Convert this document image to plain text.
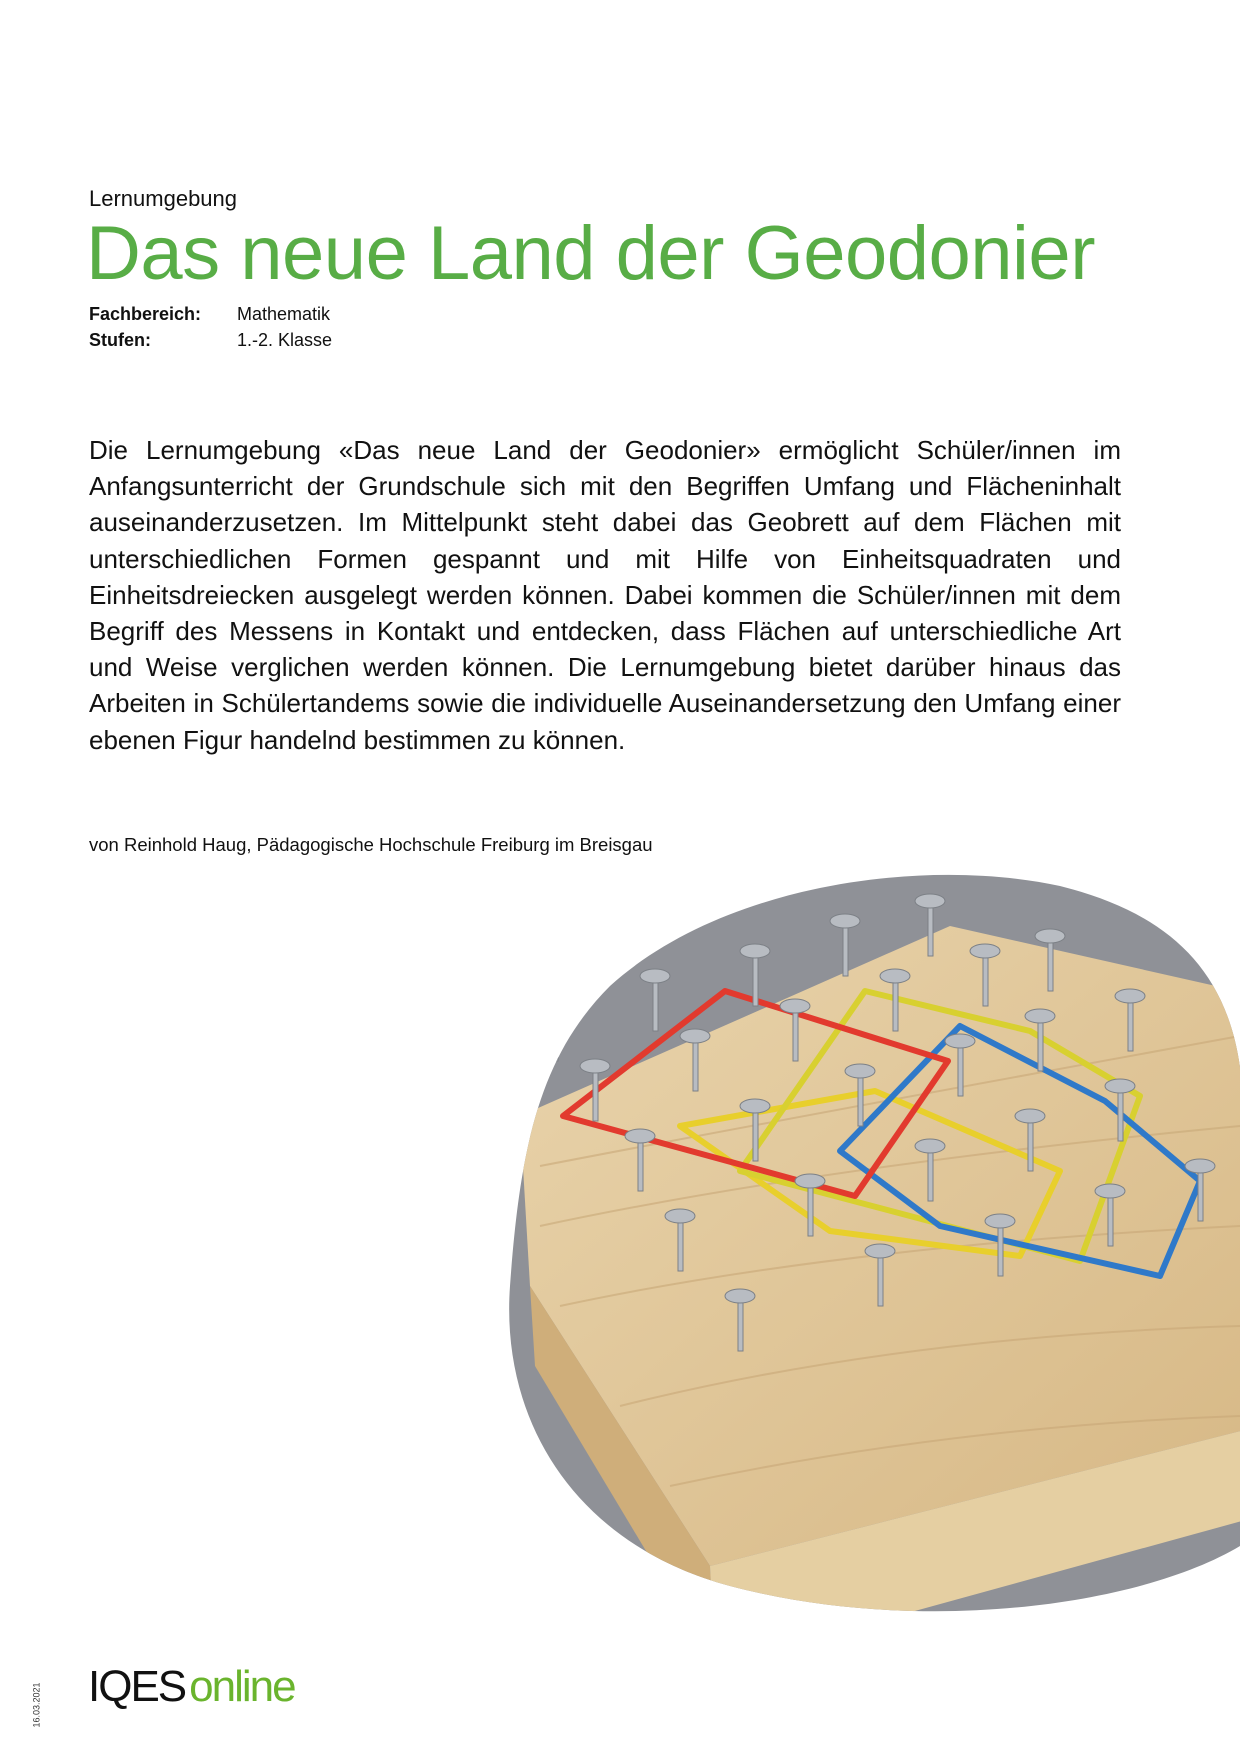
Lernumgebung
Das neue Land der Geodonier
Fachbereich: Mathematik
Stufen:	1.-2. Klasse
Die Lernumgebung «Das neue Land der Geodonier» ermöglicht Schüler/innen im Anfangsunterricht der Grundschule sich mit den Begriffen Umfang und Flächeninhalt auseinanderzusetzen. Im Mittelpunkt steht dabei das Geobrett auf dem Flächen mit unterschiedlichen Formen gespannt und mit Hilfe von Einheitsquadraten und Einheitsdreiecken ausgelegt werden können. Dabei kommen die Schüler/innen mit dem Begriff des Messens in Kontakt und entdecken, dass Flächen auf unterschiedliche Art und Weise verglichen werden können. Die Lernumgebung bietet darüber hinaus das Arbeiten in Schülertandems sowie die individuelle Auseinandersetzung den Umfang einer ebenen Figur handelnd bestimmen zu können.
von Reinhold Haug, Pädagogische Hochschule Freiburg im Breisgau
IQESonline
16.03.2021
